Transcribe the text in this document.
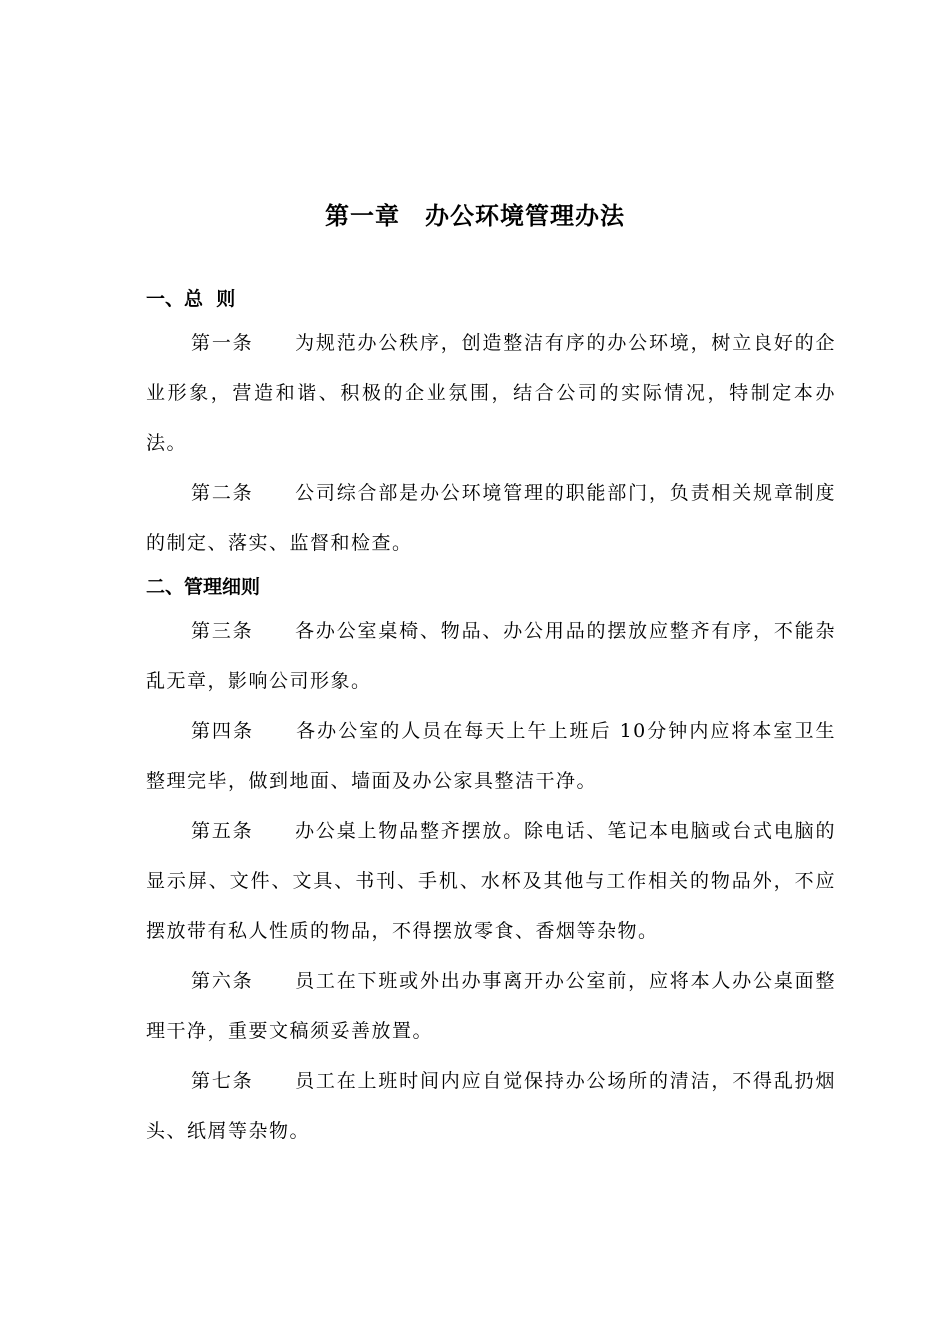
第一章　办公环境管理办法

一、总  则

第一条　　 为规范办公秩序，创造整洁有序的办公环境，树立良好的企业形象，营造和谐、积极的企业氛围，结合公司的实际情况，特制定本办法。

第二条　　 公司综合部是办公环境管理的职能部门，负责相关规章制度的制定、落实、监督和检查。

二、管理细则

第三条　　 各办公室桌椅、物品、办公用品的摆放应整齐有序，不能杂乱无章，影响公司形象。

第四条　　 各办公室的人员在每天上午上班后 10分钟内应将本室卫生整理完毕，做到地面、墙面及办公家具整洁干净。

第五条　　 办公桌上物品整齐摆放。除电话、笔记本电脑或台式电脑的显示屏、文件、文具、书刊、手机、水杯及其他与工作相关的物品外，不应摆放带有私人性质的物品，不得摆放零食、香烟等杂物。

第六条　　 员工在下班或外出办事离开办公室前，应将本人办公桌面整理干净，重要文稿须妥善放置。

第七条　　 员工在上班时间内应自觉保持办公场所的清洁，不得乱扔烟头、纸屑等杂物。
